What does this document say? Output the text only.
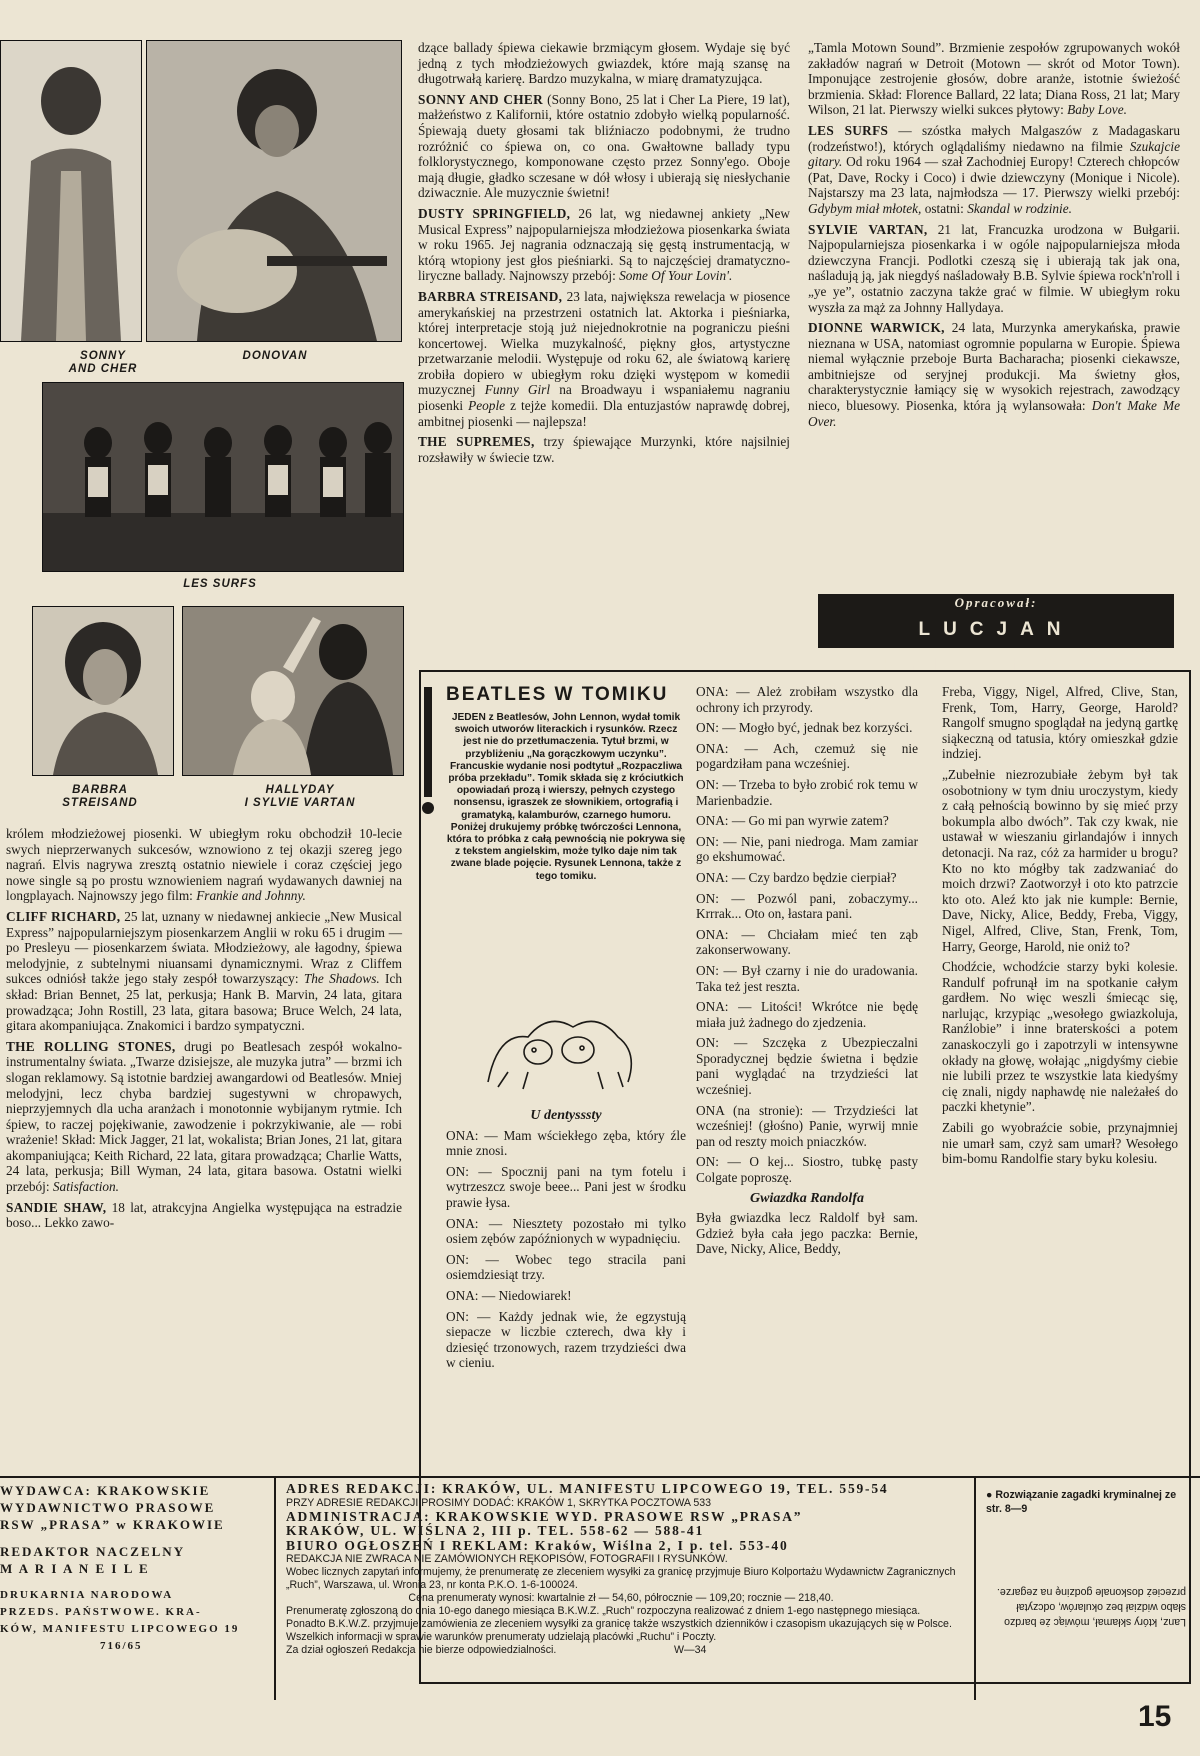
SONNY
AND CHER
DONOVAN
LES SURFS
BARBRA
STREISAND
HALLYDAY
I SYLVIE VARTAN

dzące ballady śpiewa ciekawie brzmiącym głosem. Wydaje się być jedną z tych młodzieżowych gwiazdek, które mają szansę na długotrwałą karierę. Bardzo muzykalna, w miarę dramatyzująca.

SONNY AND CHER (Sonny Bono, 25 lat i Cher La Piere, 19 lat), małżeństwo z Kalifornii, które ostatnio zdobyło wielką popularność. Śpiewają duety głosami tak bliźniaczo podobnymi, że trudno rozróżnić co śpiewa on, co ona. Gwałtowne ballady typu folklorystycznego, komponowane często przez Sonny'ego. Oboje mają długie, gładko sczesane w dół włosy i ubierają się niesłychanie dziwacznie. Ale muzycznie świetni!

DUSTY SPRINGFIELD, 26 lat, wg niedawnej ankiety „New Musical Express” najpopularniejsza młodzieżowa piosenkarka świata w roku 1965. Jej nagrania odznaczają się gęstą instrumentacją, w którą wtopiony jest głos pieśniarki. Są to najczęściej dramatyczno-liryczne ballady. Najnowszy przebój: Some Of Your Lovin'.

BARBRA STREISAND, 23 lata, największa rewelacja w piosence amerykańskiej na przestrzeni ostatnich lat. Aktorka i pieśniarka, której interpretacje stoją już niejednokrotnie na pograniczu pieśni koncertowej. Wielka muzykalność, piękny głos, artystyczne przetwarzanie melodii. Występuje od roku 62, ale światową karierę zrobiła dopiero w ubiegłym roku dzięki występom w komedii muzycznej Funny Girl na Broadwayu i wspaniałemu nagraniu piosenki People z tejże komedii. Dla entuzjastów naprawdę dobrej, ambitnej piosenki — najlepsza!

THE SUPREMES, trzy śpiewające Murzynki, które najsilniej rozsławiły w świecie tzw.

„Tamla Motown Sound”. Brzmienie zespołów zgrupowanych wokół zakładów nagrań w Detroit (Motown — skrót od Motor Town). Imponujące zestrojenie głosów, dobre aranże, istotnie świeżość brzmienia. Skład: Florence Ballard, 22 lata; Diana Ross, 21 lat; Mary Wilson, 21 lat. Pierwszy wielki sukces płytowy: Baby Love.

LES SURFS — szóstka małych Malgaszów z Madagaskaru (rodzeństwo!), których oglądaliśmy niedawno na filmie Szukajcie gitary. Od roku 1964 — szał Zachodniej Europy! Czterech chłopców (Pat, Dave, Rocky i Coco) i dwie dziewczyny (Monique i Nicole). Najstarszy ma 23 lata, najmłodsza — 17. Pierwszy wielki przebój: Gdybym miał młotek, ostatni: Skandal w rodzinie.

SYLVIE VARTAN, 21 lat, Francuzka urodzona w Bułgarii. Najpopularniejsza piosenkarka i w ogóle najpopularniejsza młoda dziewczyna Francji. Podlotki czeszą się i ubierają tak jak ona, naśladują ją, jak niegdyś naśladowały B.B. Sylvie śpiewa rock'n'roll i „ye ye”, ostatnio zaczyna także grać w filmie. W ubiegłym roku wyszła za mąż za Johnny Hallydaya.

DIONNE WARWICK, 24 lata, Murzynka amerykańska, prawie nieznana w USA, natomiast ogromnie popularna w Europie. Śpiewa niemal wyłącznie przeboje Burta Bacharacha; piosenki ciekawsze, ambitniejsze od seryjnej produkcji. Ma świetny głos, charakterystycznie łamiący się w wysokich rejestrach, zawodzący nieco, bluesowy. Piosenka, która ją wylansowała: Don't Make Me Over.

Opracował:
LUCJAN KYDRYŃSKI

królem młodzieżowej piosenki. W ubiegłym roku obchodził 10-lecie swych nieprzerwanych sukcesów, wznowiono z tej okazji szereg jego nagrań. Elvis nagrywa zresztą ostatnio niewiele i coraz częściej jego nowe single są po prostu wznowieniem nagrań wydawanych dawniej na longplayach. Najnowszy jego film: Frankie and Johnny.

CLIFF RICHARD, 25 lat, uznany w niedawnej ankiecie „New Musical Express” najpopularniejszym piosenkarzem Anglii w roku 65 i drugim — po Presleyu — piosenkarzem świata. Młodzieżowy, ale łagodny, śpiewa melodyjnie, z subtelnymi niuansami dynamicznymi. Wraz z Cliffem sukces odniósł także jego stały zespół towarzyszący: The Shadows. Ich skład: Brian Bennet, 25 lat, perkusja; Hank B. Marvin, 24 lata, gitara prowadząca; John Rostill, 23 lata, gitara basowa; Bruce Welch, 24 lata, gitara akompaniująca. Znakomici i bardzo sympatyczni.

THE ROLLING STONES, drugi po Beatlesach zespół wokalno-instrumentalny świata. „Twarze dzisiejsze, ale muzyka jutra” — brzmi ich slogan reklamowy. Są istotnie bardziej awangardowi od Beatlesów. Mniej melodyjni, lecz chyba bardziej sugestywni w chropawych, nieprzyjemnych dla ucha aranżach i monotonnie wybijanym rytmie. Ich śpiew, to raczej pojękiwanie, zawodzenie i pokrzykiwanie, ale — robi wrażenie! Skład: Mick Jagger, 21 lat, wokalista; Brian Jones, 21 lat, gitara akompaniująca; Keith Richard, 22 lata, gitara prowadząca; Charlie Watts, 24 lata, perkusja; Bill Wyman, 24 lata, gitara basowa. Ostatni wielki przebój: Satisfaction.

SANDIE SHAW, 18 lat, atrakcyjna Angielka występująca na estradzie boso... Lekko zawo-

BEATLES W TOMIKU
JEDEN z Beatlesów, John Lennon, wydał tomik swoich utworów literackich i rysunków. Rzecz jest nie do przetłumaczenia. Tytuł brzmi, w przybliżeniu „Na gorączkowym uczynku”. Francuskie wydanie nosi podtytuł „Rozpaczliwa próba przekładu”. Tomik składa się z króciutkich opowiadań prozą i wierszy, pełnych czystego nonsensu, igraszek ze słownikiem, ortografią i gramatyką, kalamburów, czarnego humoru. Poniżej drukujemy próbkę twórczości Lennona, która to próbka z całą pewnością nie pokrywa się z tekstem angielskim, może tylko daje nim tak zwane blade pojęcie. Rysunek Lennona, także z tego tomiku.
U dentysssty

ONA: — Mam wściekłego zęba, który źle mnie znosi.

ON: — Spocznij pani na tym fotelu i wytrzeszcz swoje beee... Pani jest w środku prawie łysa.

ONA: — Niesztety pozostało mi tylko osiem zębów zapóźnionych w wypadnięciu.

ON: — Wobec tego stracila pani osiemdziesiąt trzy.

ONA: — Niedowiarek!

ON: — Każdy jednak wie, że egzystują siepacze w liczbie czterech, dwa kły i dziesięć trzonowych, razem trzydzieści dwa w cieniu.

ONA: — Ależ zrobiłam wszystko dla ochrony ich przyrody.

ON: — Mogło być, jednak bez korzyści.

ONA: — Ach, czemuż się nie pogardziłam pana wcześniej.

ON: — Trzeba to było zrobić rok temu w Marienbadzie.

ONA: — Go mi pan wyrwie zatem?

ON: — Nie, pani niedroga. Mam zamiar go ekshumować.

ONA: — Czy bardzo będzie cierpiał?

ON: — Pozwól pani, zobaczymy... Krrrak... Oto on, łastara pani.

ONA: — Chciałam mieć ten ząb zakonserwowany.

ON: — Był czarny i nie do uradowania. Taka też jest reszta.

ONA: — Litości! Wkrótce nie będę miała już żadnego do zjedzenia.

ON: — Szczęka z Ubezpieczalni Sporadycznej będzie świetna i będzie pani wyglądać na trzydzieści lat wcześniej.

ONA (na stronie): — Trzydzieści lat wcześniej! (głośno) Panie, wyrwij mnie pan od reszty moich pniaczków.

ON: — O kej... Siostro, tubkę pasty Colgate poproszę.

Gwiazdka Randolfa

Była gwiazdka lecz Raldolf był sam. Gdzież była cała jego paczka: Bernie, Dave, Nicky, Alice, Beddy,

Freba, Viggy, Nigel, Alfred, Clive, Stan, Frenk, Tom, Harry, George, Harold? Rangolf smugno spoglądał na jedyną gartkę siąkeczną od tatusia, który omieszkał gdzie indziej.

„Zubełnie niezrozubiałe żebym był tak osobotniony w tym dniu uroczystym, kiedy z całą pełnością bowinno by się mieć przy bokumpla albo dwóch”. Tak czy kwak, nie ustawał w wieszaniu girlandajów i innych detonacji. Na raz, cóż za harmider u brogu? Kto no kto mógłby tak zadzwaniać do moich drzwi? Zaotworzył i oto kto patrzcie kto oto. Aleź kto jak nie kumple: Bernie, Dave, Nicky, Alice, Beddy, Freba, Viggy, Nigel, Alfred, Clive, Stan, Frenk, Tom, Harry, George, Harold, nie oniż to?

Chodźcie, wchodźcie starzy byki kolesie. Randulf pofrunął im na spotkanie całym gardłem. No więc weszli śmiecąc się, narlując, krzypiąc „wesołego gwiazkoluja, Ranźlobie” i inne braterskości a potem zanaskoczyli go i zapotrzyli w intensywne okłady na głowę, wołając „nigdyśmy ciebie nie lubili przez te wszystkie lata kiedyśmy cię znali, nigdy naphawdę nie należałeś do paczki khetynie”.

Zabili go wyobraźcie sobie, przynajmniej nie umarł sam, czyż sam umarł? Wesołego bim-bomu Randolfie stary byku kolesiu.

WYDAWCA: KRAKOWSKIE
WYDAWNICTWO PRASOWE
RSW „PRASA” w KRAKOWIE
REDAKTOR NACZELNY
M A R I A N E I L E
DRUKARNIA NARODOWA
PRZEDS. PAŃSTWOWE. KRA-
KÓW, MANIFESTU LIPCOWEGO 19
716/65
ADRES REDAKCJI: KRAKÓW, UL. MANIFESTU LIPCOWEGO 19, TEL. 559-54
PRZY ADRESIE REDAKCJI PROSIMY DODAĆ: KRAKÓW 1, SKRYTKA POCZTOWA 533
ADMINISTRACJA: KRAKOWSKIE WYD. PRASOWE RSW „PRASA”
KRAKÓW, UL. WIŚLNA 2, III p. TEL. 558-62 — 588-41
BIURO OGŁOSZEŃ I REKLAM: Kraków, Wiślna 2, I p. tel. 553-40
REDAKCJA NIE ZWRACA NIE ZAMÓWIONYCH RĘKOPISÓW, FOTOGRAFII I RYSUNKÓW.
Wobec licznych zapytań informujemy, że prenumeratę ze zleceniem wysyłki za granicę przyjmuje Biuro Kolportażu Wydawnictw Zagranicznych „Ruch”, Warszawa, ul. Wronia 23, nr konta P.K.O. 1-6-100024.
Cena prenumeraty wynosi: kwartalnie zł — 54,60, półrocznie — 109,20; rocznie — 218,40.
Prenumeratę zgłoszoną do dnia 10-ego danego miesiąca B.K.W.Z. „Ruch” rozpoczyna realizować z dniem 1-ego następnego miesiąca. Ponadto B.K.W.Z. przyjmuje zamówienia ze zleceniem wysyłki za granicę także wszystkich dzienników i czasopism ukazujących się w Polsce.
Wszelkich informacji w sprawie warunków prenumeraty udzielają placówki „Ruchu” i Poczty.
Za dział ogłoszeń Redakcja nie bierze odpowiedzialności.                                        W—34
● Rozwiązanie zagadki kryminalnej ze str. 8—9
Lanz, który skłamał, mówiąc że bardzo słabo widział bez okularów, odczytał przecież doskonale godzinę na zegarze.
15
